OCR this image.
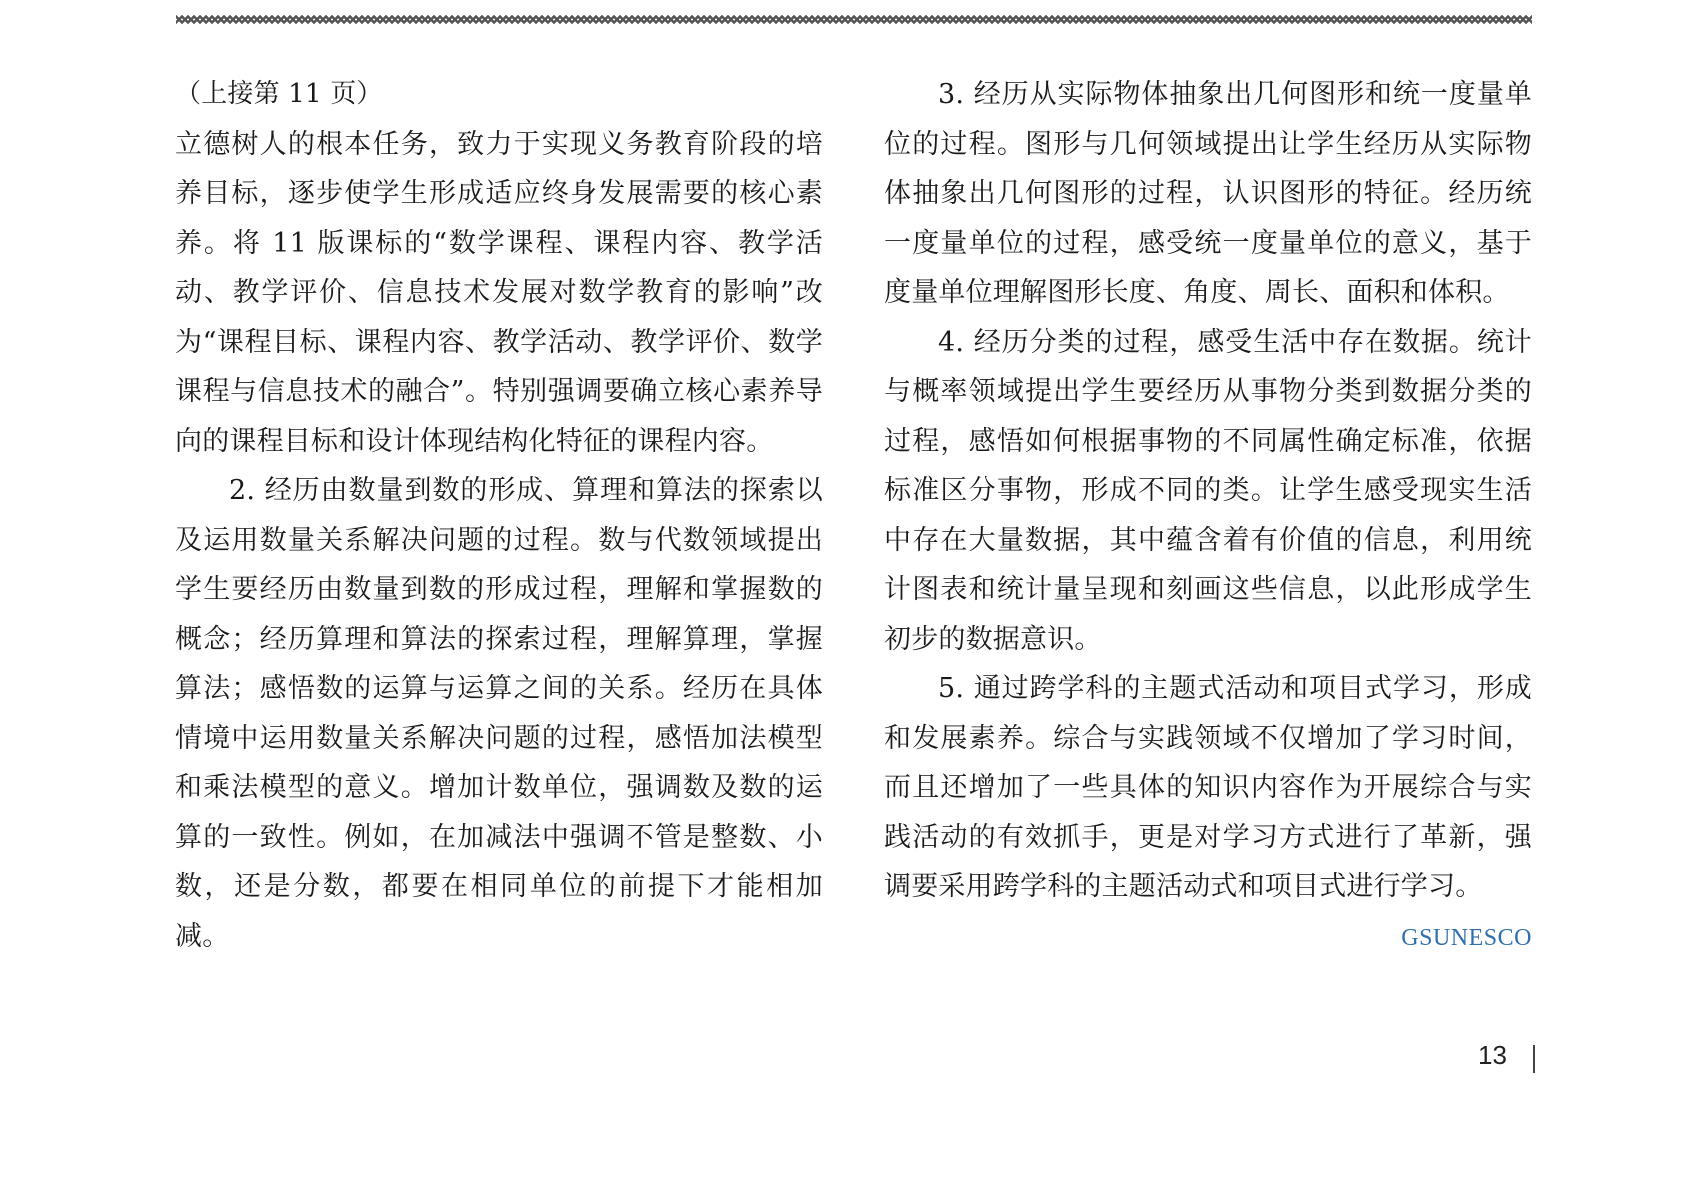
（上接第 11 页）

立德树人的根本任务，致力于实现义务教育阶段的培养目标，逐步使学生形成适应终身发展需要的核心素养。将 11 版课标的“数学课程、课程内容、教学活动、教学评价、信息技术发展对数学教育的影响”改为“课程目标、课程内容、教学活动、教学评价、数学课程与信息技术的融合”。特别强调要确立核心素养导向的课程目标和设计体现结构化特征的课程内容。

2. 经历由数量到数的形成、算理和算法的探索以及运用数量关系解决问题的过程。数与代数领域提出学生要经历由数量到数的形成过程，理解和掌握数的概念；经历算理和算法的探索过程，理解算理，掌握算法；感悟数的运算与运算之间的关系。经历在具体情境中运用数量关系解决问题的过程，感悟加法模型和乘法模型的意义。增加计数单位，强调数及数的运算的一致性。例如，在加减法中强调不管是整数、小数，还是分数，都要在相同单位的前提下才能相加减。

3. 经历从实际物体抽象出几何图形和统一度量单位的过程。图形与几何领域提出让学生经历从实际物体抽象出几何图形的过程，认识图形的特征。经历统一度量单位的过程，感受统一度量单位的意义，基于度量单位理解图形长度、角度、周长、面积和体积。

4. 经历分类的过程，感受生活中存在数据。统计与概率领域提出学生要经历从事物分类到数据分类的过程，感悟如何根据事物的不同属性确定标准，依据标准区分事物，形成不同的类。让学生感受现实生活中存在大量数据，其中蕴含着有价值的信息，利用统计图表和统计量呈现和刻画这些信息，以此形成学生初步的数据意识。

5. 通过跨学科的主题式活动和项目式学习，形成和发展素养。综合与实践领域不仅增加了学习时间，而且还增加了一些具体的知识内容作为开展综合与实践活动的有效抓手，更是对学习方式进行了革新，强调要采用跨学科的主题活动式和项目式进行学习。
GSUNESCO

13
